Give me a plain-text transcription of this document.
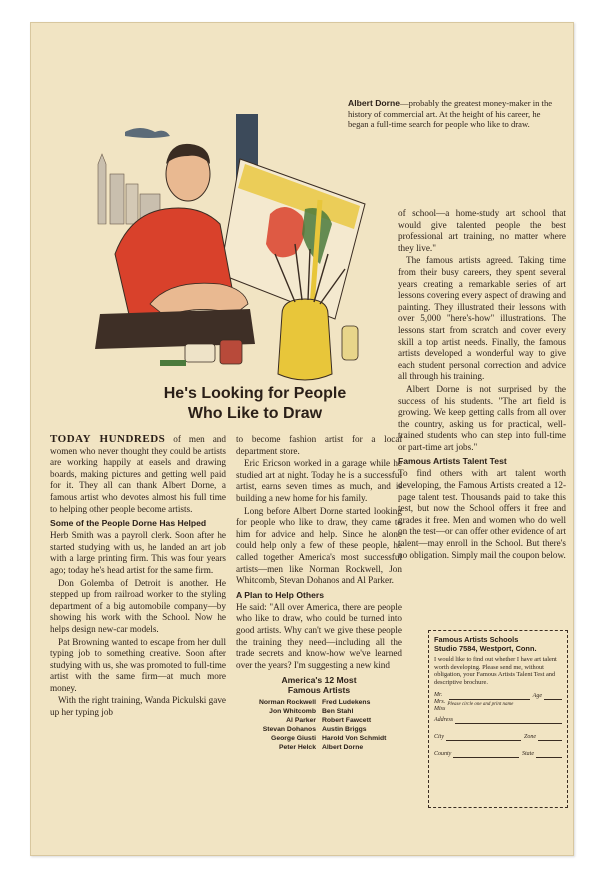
Albert Dorne—probably the greatest money-maker in the history of commercial art. At the height of his career, he began a full-time search for people who like to draw.
He's Looking for People
Who Like to Draw

TODAY HUNDREDS of men and women who never thought they could be artists are working happily at easels and drawing boards, making pictures and getting well paid for it. They all can thank Albert Dorne, a famous artist who devotes almost his full time to helping other people become artists.

Some of the People Dorne Has Helped

Herb Smith was a payroll clerk. Soon after he started studying with us, he landed an art job with a large printing firm. This was four years ago; today he's head artist for the same firm.

Don Golemba of Detroit is another. He stepped up from railroad worker to the styling department of a big automobile company—by showing his work with the School. Now he helps design new-car models.

Pat Browning wanted to escape from her dull typing job to something creative. Soon after studying with us, she was promoted to full-time artist with the same firm—at much more money.

With the right training, Wanda Pickulski gave up her typing job

to become fashion artist for a local department store.

Eric Ericson worked in a garage while he studied art at night. Today he is a successful artist, earns seven times as much, and is building a new home for his family.

Long before Albert Dorne started looking for people who like to draw, they came to him for advice and help. Since he alone could help only a few of these people, he called together America's most successful artists—men like Norman Rockwell, Jon Whitcomb, Stevan Dohanos and Al Parker.

A Plan to Help Others

He said: "All over America, there are people who like to draw, who could be turned into good artists. Why can't we give these people the training they need—including all the trade secrets and know-how we've learned over the years? I'm suggesting a new kind

America's 12 Most
Famous Artists
Norman Rockwell Fred Ludekens
Jon Whitcomb Ben Stahl
Al Parker Robert Fawcett
Stevan Dohanos Austin Briggs
George Giusti Harold Von Schmidt
Peter Helck Albert Dorne

of school—a home-study art school that would give talented people the best professional art training, no matter where they live."

The famous artists agreed. Taking time from their busy careers, they spent several years creating a remarkable series of art lessons covering every aspect of drawing and painting. They illustrated their lessons with over 5,000 "here's-how" illustrations. The lessons start from scratch and cover every skill a top artist needs. Finally, the famous artists developed a wonderful way to give each student personal correction and advice all through his training.

Albert Dorne is not surprised by the success of his students. "The art field is growing. We keep getting calls from all over the country, asking us for practical, well-trained students who can step into full-time or part-time art jobs."

Famous Artists Talent Test

To find others with art talent worth developing, the Famous Artists created a 12-page talent test. Thousands paid to take this test, but now the School offers it free and grades it free. Men and women who do well on the test—or can offer other evidence of art talent—may enroll in the School. But there's no obligation. Simply mail the coupon below.

Famous Artists Schools
Studio 7584, Westport, Conn.
I would like to find out whether I have art talent worth developing. Please send me, without obligation, your Famous Artists Talent Test and descriptive brochure.
Mr.
Mrs.
Miss
Age
Please circle one and print name
Address
City	Zone
County	State
